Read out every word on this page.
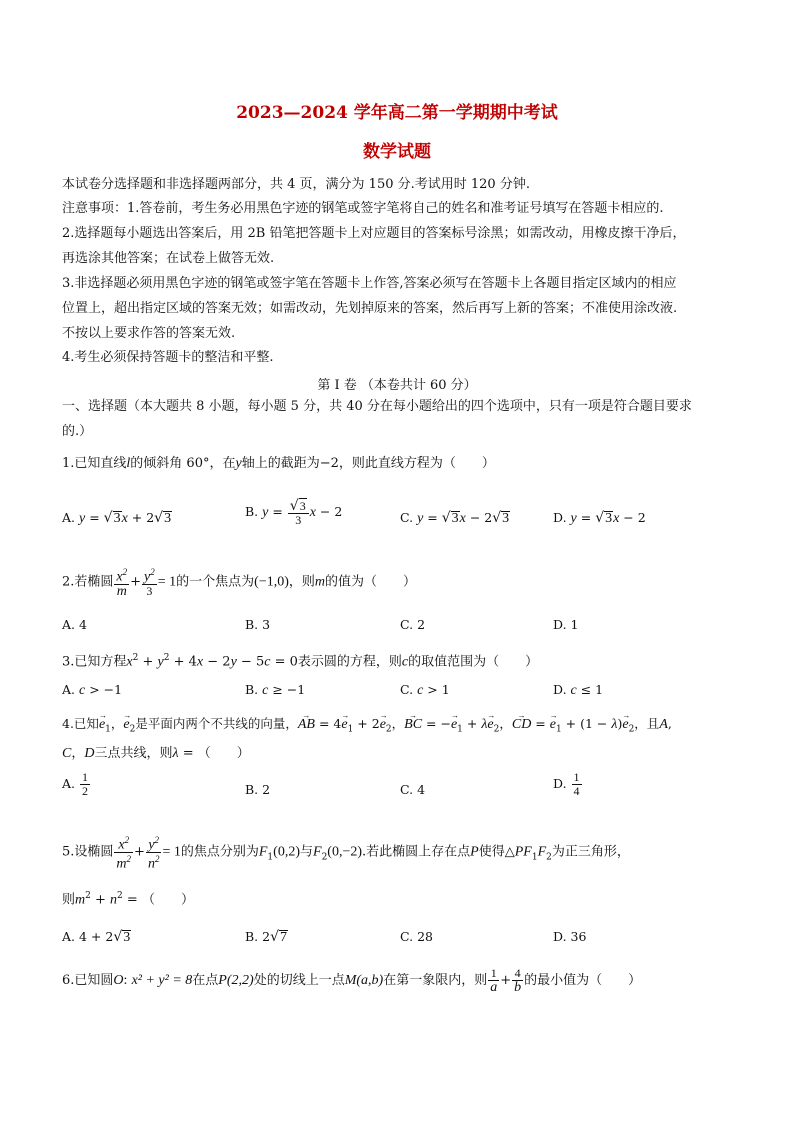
2023—2024 学年高二第一学期期中考试
数学试题
本试卷分选择题和非选择题两部分，共 4 页，满分为 150 分.考试用时 120 分钟.
注意事项：1.答卷前，考生务必用黑色字迹的钢笔或签字笔将自己的姓名和准考证号填写在答题卡相应的.
2.选择题每小题选出答案后，用 2B 铅笔把答题卡上对应题目的答案标号涂黑；如需改动，用橡皮擦干净后，
再选涂其他答案；在试卷上做答无效.
3.非选择题必须用黑色字迹的钢笔或签字笔在答题卡上作答,答案必须写在答题卡上各题目指定区域内的相应
位置上，超出指定区域的答案无效；如需改动，先划掉原来的答案，然后再写上新的答案；不准使用涂改液.
不按以上要求作答的答案无效.
4.考生必须保持答题卡的整洁和平整.
第 I 卷 （本卷共计 60 分）
一、选择题（本大题共 8 小题，每小题 5 分，共 40 分在每小题给出的四个选项中，只有一项是符合题目要求
的.）
1.已知直线l的倾斜角 60°，在y轴上的截距为−2，则此直线方程为（　　）
A. y = √3x + 2√3	B. $y = \frac{√3}{3}$ x − 2	C. y = √3x − 2√3	D. y = √3x − 2
2.若椭圆 $\frac{x^2}{m} + \frac{y^2}{3} = 1$的一个焦点为(−1,0)，则m的值为（　　）
A. 4	B. 3	C. 2	D. 1
3.已知方程$x^2 + y^2 + 4x - 2y - 5c = 0$表示圆的方程，则c的取值范围为（　　）
A. c > −1	B. c ≥ −1	C. c > 1	D. c ≤ 1
4.已知→ $e_1$，→ $e_2$是平面内两个不共线的向量，→ AB = $4\to e_1 + 2\to e_2$，→ BC = −→ $e_1 + \lambda\to e_2$，→ CD = → $e_1 + (1 - \lambda)\to e_2$，且A,
C，D三点共线，则λ = （　　）
A. $\frac{1}{2}$	B. 2	C. 4	D. $\frac{1}{4}$
5.设椭圆 $\frac{x^2}{m^2} + \frac{y^2}{n^2} = 1$的焦点分别为$F_1(0,2)$与$F_2(0,-2)$.若此椭圆上存在点P使得$\triangle PF_1F_2$为正三角形，
则$m^2 + n^2$ = （　　）
A. 4 + 2√3	B. 2√7	C. 28	D. 36
6.已知圆O: x² + y² = 8在点P(2,2)处的切线上一点M(a,b)在第一象限内，则 $\frac{1}{a} + \frac{4}{b}$ 的最小值为（　　）
